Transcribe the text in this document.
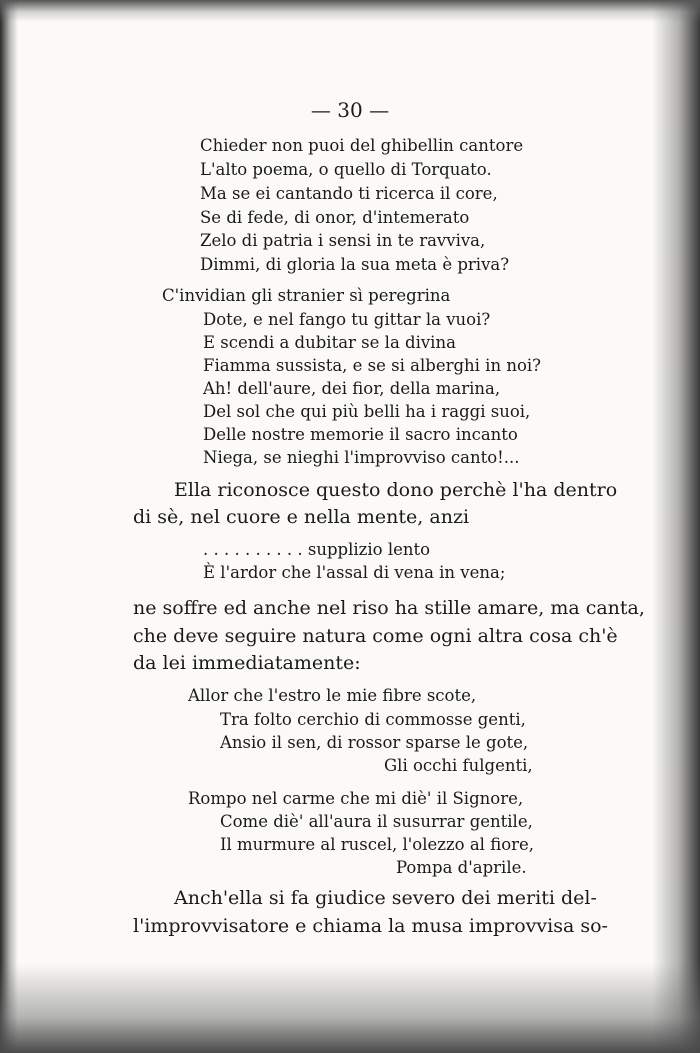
— 30 —
Chieder non puoi del ghibellin cantore
L'alto poema, o quello di Torquato.
Ma se ei cantando ti ricerca il core,
Se di fede, di onor, d'intemerato
Zelo di patria i sensi in te ravviva,
Dimmi, di gloria la sua meta è priva?
C'invidian gli stranier sì peregrina
Dote, e nel fango tu gittar la vuoi?
E scendi a dubitar se la divina
Fiamma sussista, e se si alberghi in noi?
Ah! dell'aure, dei fior, della marina,
Del sol che qui più belli ha i raggi suoi,
Delle nostre memorie il sacro incanto
Niega, se nieghi l'improvviso canto!...
Ella riconosce questo dono perchè l'ha dentro
di sè, nel cuore e nella mente, anzi
. . . . . . . . . . supplizio lento
È l'ardor che l'assal di vena in vena;
ne soffre ed anche nel riso ha stille amare, ma canta,
che deve seguire natura come ogni altra cosa ch'è
da lei immediatamente:
Allor che l'estro le mie fibre scote,
Tra folto cerchio di commosse genti,
Ansio il sen, di rossor sparse le gote,
Gli occhi fulgenti,
Rompo nel carme che mi diè' il Signore,
Come diè' all'aura il susurrar gentile,
Il murmure al ruscel, l'olezzo al fiore,
Pompa d'aprile.
Anch'ella si fa giudice severo dei meriti del-
l'improvvisatore e chiama la musa improvvisa so-
